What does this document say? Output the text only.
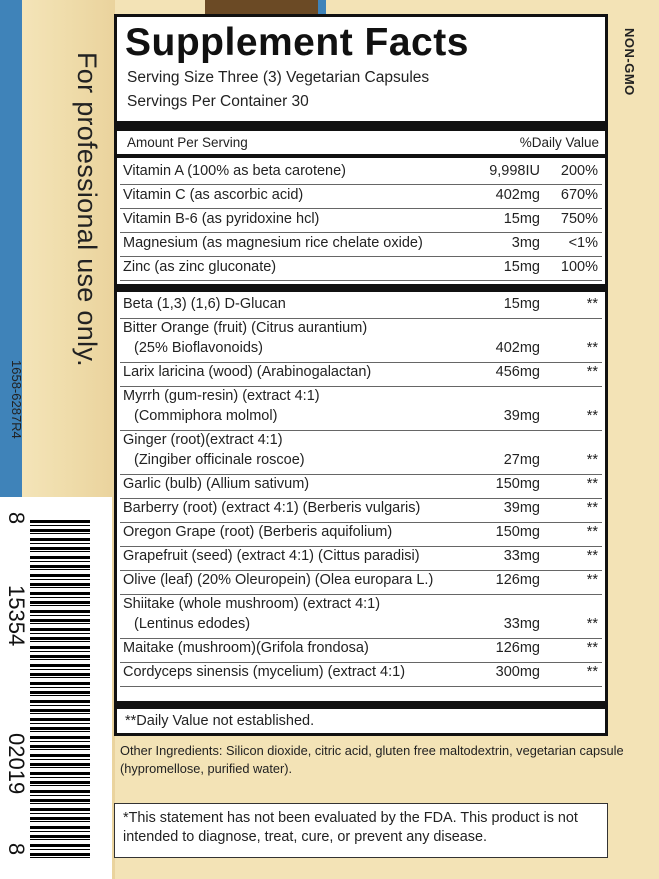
For professional use only.
1658-6287R4
NON-GMO
8
8
Supplement Facts
Serving Size Three (3) Vegetarian Capsules
Servings Per Container 30
Amount Per Serving	%Daily Value
Vitamin A (100% as beta carotene)	9,998IU 200%
Vitamin C (as ascorbic acid)	402mg 670%
Vitamin B-6 (as pyridoxine hcl)	15mg 750%
Magnesium (as magnesium rice chelate oxide)	3mg <1%
Zinc (as zinc gluconate)	15mg 100%
Beta (1,3) (1,6) D-Glucan	15mg	**
Bitter Orange (fruit) (Citrus aurantium)
(25% Bioflavonoids)	402mg	**
Larix laricina (wood) (Arabinogalactan)	456mg	**
Myrrh (gum-resin) (extract 4:1)
(Commiphora molmol)	39mg	**
Ginger (root)(extract 4:1)
(Zingiber officinale roscoe)	27mg	**
Garlic (bulb) (Allium sativum)	150mg	**
Barberry (root) (extract 4:1) (Berberis vulgaris)	39mg	**
Oregon Grape (root) (Berberis aquifolium)	150mg	**
Grapefruit (seed) (extract 4:1) (Cittus paradisi)	33mg	**
Olive (leaf) (20% Oleuropein) (Olea europara L.)	126mg	**
Shiitake (whole mushroom) (extract 4:1)
(Lentinus edodes)	33mg	**
Maitake (mushroom)(Grifola frondosa)	126mg	**
Cordyceps sinensis (mycelium) (extract 4:1)	300mg	**
**Daily Value not established.
Other Ingredients: Silicon dioxide, citric acid, gluten free maltodextrin, vegetarian capsule (hypromellose, purified water).
*This statement has not been evaluated by the FDA. This product is not intended to diagnose, treat, cure, or prevent any disease.
